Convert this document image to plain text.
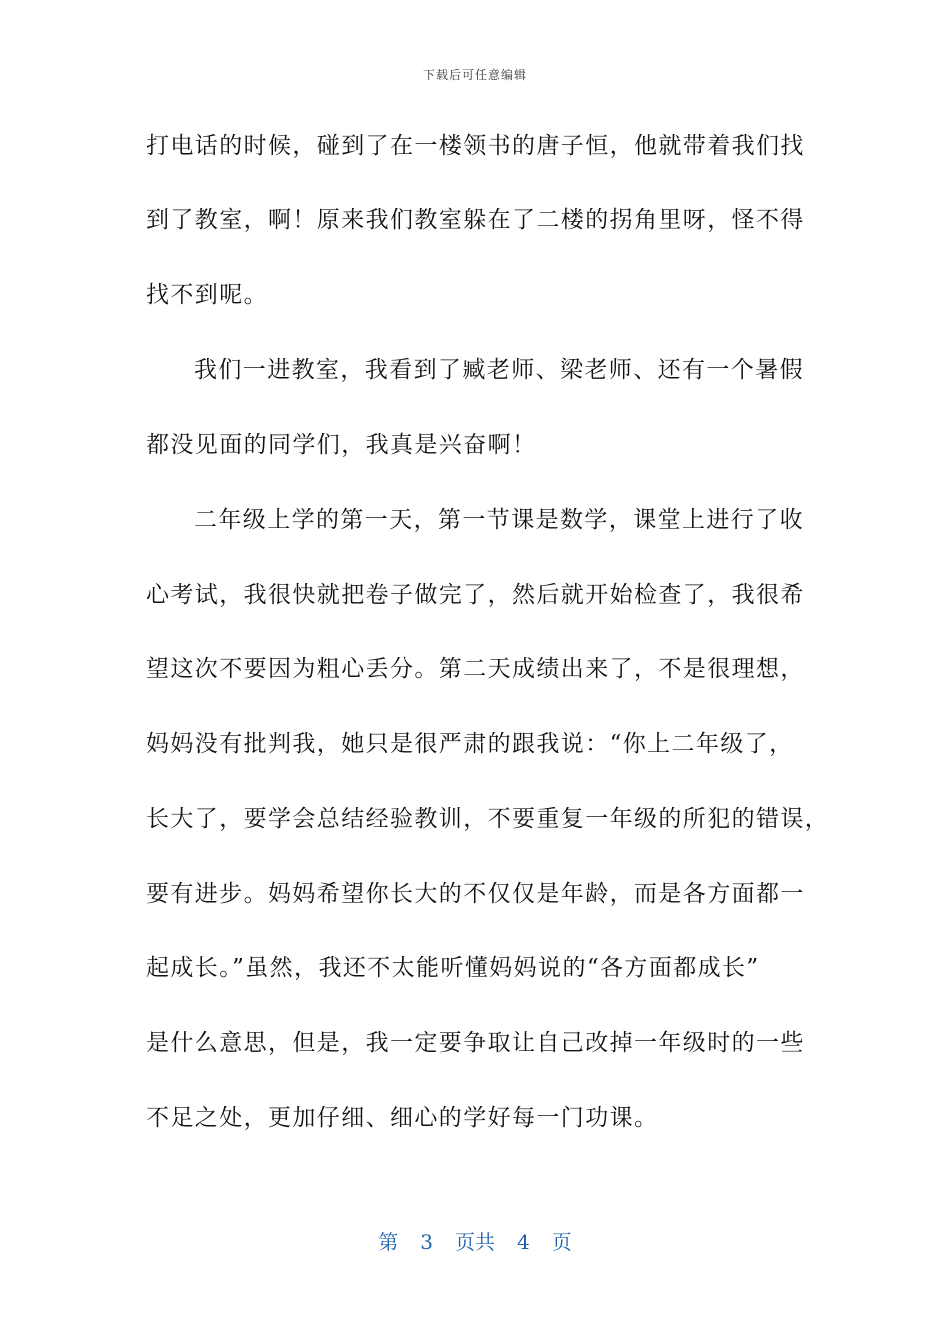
下载后可任意编辑
打电话的时候，碰到了在一楼领书的唐子恒，他就带着我们找
到了教室，啊！原来我们教室躲在了二楼的拐角里呀，怪不得
找不到呢。
我们一进教室，我看到了臧老师、梁老师、还有一个暑假
都没见面的同学们，我真是兴奋啊！
二年级上学的第一天，第一节课是数学，课堂上进行了收
心考试，我很快就把卷子做完了，然后就开始检查了，我很希
望这次不要因为粗心丢分。第二天成绩出来了，不是很理想，
妈妈没有批判我，她只是很严肃的跟我说：“你上二年级了，
长大了，要学会总结经验教训，不要重复一年级的所犯的错误，
要有进步。妈妈希望你长大的不仅仅是年龄，而是各方面都一
起成长。”虽然，我还不太能听懂妈妈说的“各方面都成长”
是什么意思，但是，我一定要争取让自己改掉一年级时的一些
不足之处，更加仔细、细心的学好每一门功课。
第 3 页共 4 页
